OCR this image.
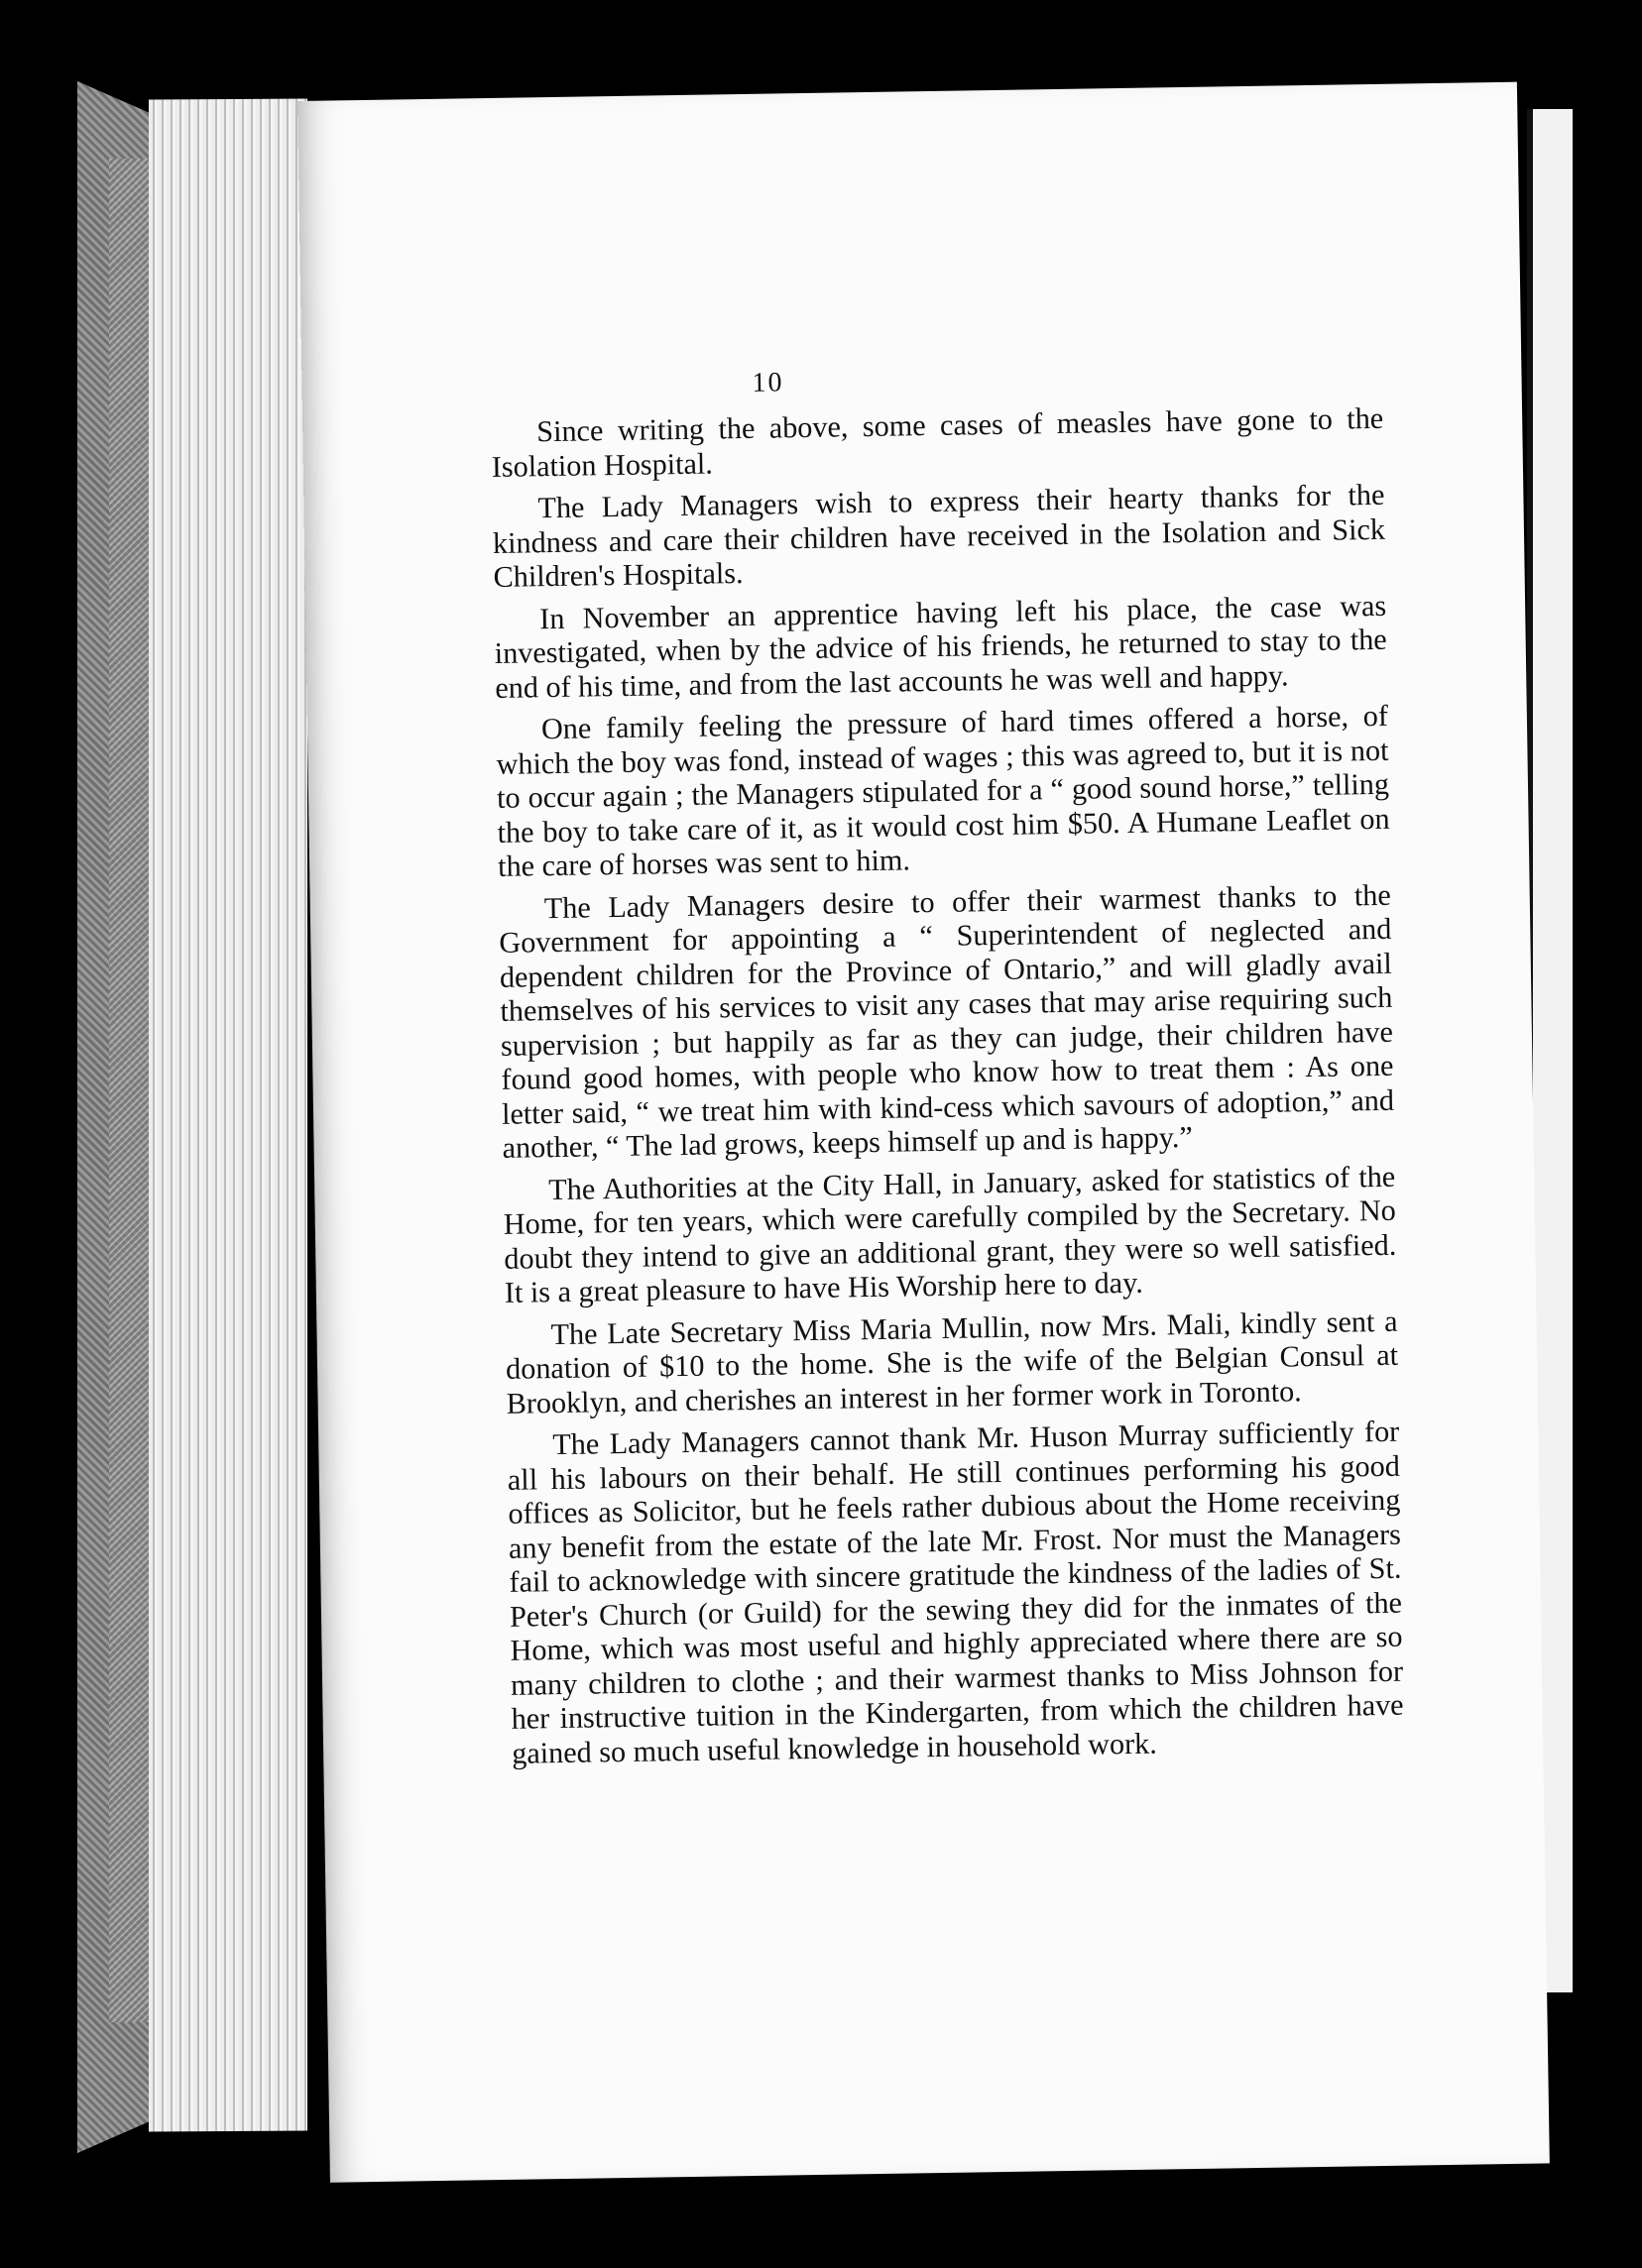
10

Since writing the above, some cases of measles have gone to the Isolation Hospital.

The Lady Managers wish to express their hearty thanks for the kindness and care their children have received in the Isolation and Sick Children's Hospitals.

In November an apprentice having left his place, the case was investigated, when by the advice of his friends, he returned to stay to the end of his time, and from the last accounts he was well and happy.

One family feeling the pressure of hard times offered a horse, of which the boy was fond, instead of wages ; this was agreed to, but it is not to occur again ; the Managers stipulated for a “ good sound horse,” telling the boy to take care of it, as it would cost him $50. A Humane Leaflet on the care of horses was sent to him.

The Lady Managers desire to offer their warmest thanks to the Government for appointing a “ Superintendent of neglected and dependent children for the Province of Ontario,” and will gladly avail themselves of his services to visit any cases that may arise requiring such supervision ; but happily as far as they can judge, their children have found good homes, with people who know how to treat them : As one letter said, “ we treat him with kind-cess which savours of adoption,” and another, “ The lad grows, keeps himself up and is happy.”

The Authorities at the City Hall, in January, asked for statistics of the Home, for ten years, which were carefully compiled by the Secretary. No doubt they intend to give an additional grant, they were so well satisfied. It is a great pleasure to have His Worship here to day.

The Late Secretary Miss Maria Mullin, now Mrs. Mali, kindly sent a donation of $10 to the home. She is the wife of the Belgian Consul at Brooklyn, and cherishes an interest in her former work in Toronto.

The Lady Managers cannot thank Mr. Huson Murray sufficiently for all his labours on their behalf. He still continues performing his good offices as Solicitor, but he feels rather dubious about the Home receiving any benefit from the estate of the late Mr. Frost. Nor must the Managers fail to acknowledge with sincere gratitude the kindness of the ladies of St. Peter's Church (or Guild) for the sewing they did for the inmates of the Home, which was most useful and highly appreciated where there are so many children to clothe ; and their warmest thanks to Miss Johnson for her instructive tuition in the Kindergarten, from which the children have gained so much useful knowledge in household work.
